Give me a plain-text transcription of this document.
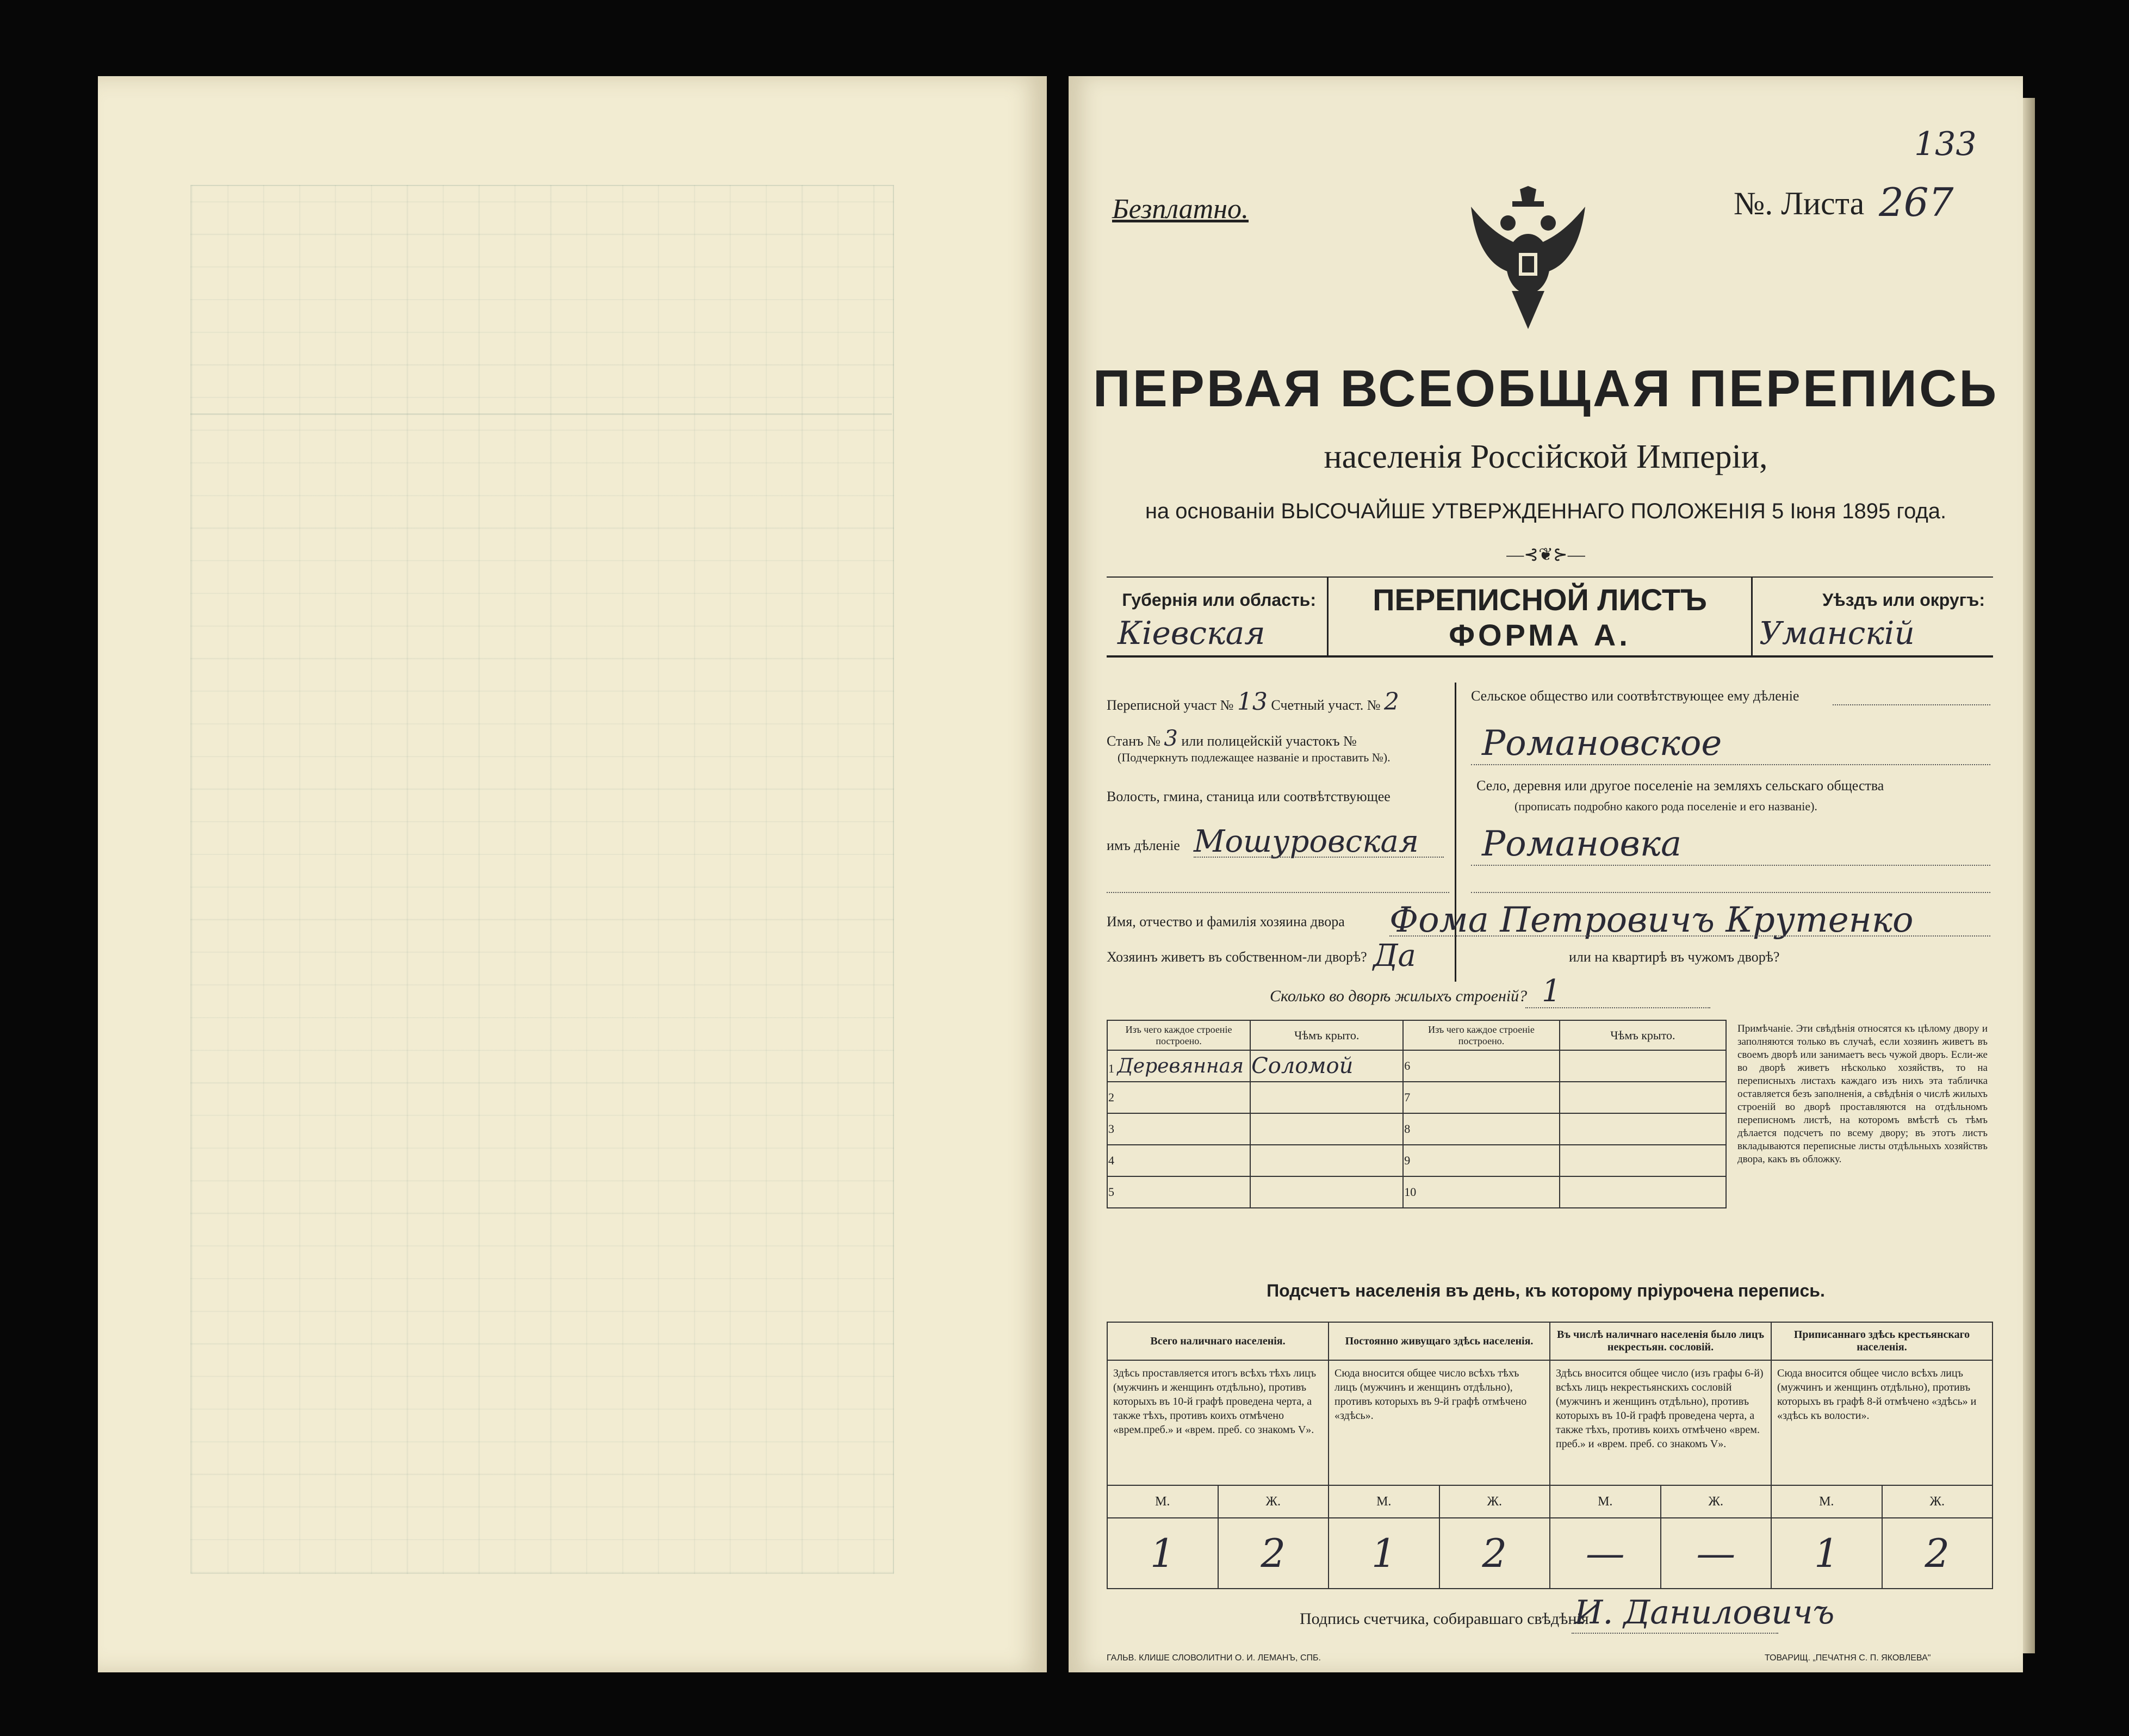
Безплатно.	№. Листа 267
133
ПЕРВАЯ ВСЕОБЩАЯ ПЕРЕПИСЬ
населенія Россійской Имперіи,
на основаніи ВЫСОЧАЙШЕ УТВЕРЖДЕННАГО ПОЛОЖЕНІЯ 5 Іюня 1895 года.
—⊰❦⊱—
Губернія или область:
Кіевская
ПЕРЕПИСНОЙ ЛИСТЪ
ФОРМА А.
Уѣздъ или округъ:
Уманскій
Переписной участ № 13 Счетный участ. № 2
Станъ № 3 или полицейскій участокъ №
(Подчеркнуть подлежащее названіе и проставить №).
Волость, гмина, станица или соотвѣтствующее
имъ дѣленіе Мошуровская
Сельское общество или соотвѣтствующее ему дѣленіе
Романовское
Село, деревня или другое поселеніе на земляхъ сельскаго общества
(прописать подробно какого рода поселеніе и его названіе).
Романовка
Имя, отчество и фамилія хозяина двора Фома Петровичъ Крутенко
Хозяинъ живетъ въ собственном-ли дворѣ? Да	или на квартирѣ въ чужомъ дворѣ?
Сколько во дворѣ жилыхъ строеній? 1
Изъ чего каждое строеніе построено.	Чѣмъ крыто.	Изъ чего каждое строеніе построено.	Чѣмъ крыто.
1 Деревянная	Соломой	6	
2		7	
3		8	
4		9	
5		10	
Примѣчаніе. Эти свѣдѣнія относятся къ цѣлому двору и заполняются только въ случаѣ, если хозяинъ живетъ въ своемъ дворѣ или занимаетъ весь чужой дворъ. Если-же во дворѣ живетъ нѣсколько хозяйствъ, то на переписныхъ листахъ каждаго изъ нихъ эта табличка оставляется безъ заполненія, а свѣдѣнія о числѣ жилыхъ строеній во дворѣ проставляются на отдѣльномъ переписномъ листѣ, на которомъ вмѣстѣ съ тѣмъ дѣлается подсчетъ по всему двору; въ этотъ листъ вкладываются переписные листы отдѣльныхъ хозяйствъ двора, какъ въ обложку.
Подсчетъ населенія въ день, къ которому пріурочена перепись.
Всего наличнаго населенія.		Постоянно живущаго здѣсь населенія.		Въ числѣ наличнаго населенія было лицъ некрестьян. сословій.		Приписаннаго здѣсь крестьянскаго населенія.	
Здѣсь проставляется итогъ всѣхъ тѣхъ лицъ (мужчинъ и женщинъ отдѣльно), противъ которыхъ въ 10-й графѣ проведена черта, а также тѣхъ, противъ коихъ отмѣчено «врем.преб.» и «врем. преб. со знакомъ V».		Сюда вносится общее число всѣхъ тѣхъ лицъ (мужчинъ и женщинъ отдѣльно), противъ которыхъ въ 9-й графѣ отмѣчено «здѣсь».		Здѣсь вносится общее число (изъ графы 6-й) всѣхъ лицъ некрестьянскихъ сословій (мужчинъ и женщинъ отдѣльно), противъ которыхъ въ 10-й графѣ проведена черта, а также тѣхъ, противъ коихъ отмѣчено «врем. преб.» и «врем. преб. со знакомъ V».		Сюда вносится общее число всѣхъ лицъ (мужчинъ и женщинъ отдѣльно), противъ которыхъ въ графѣ 8-й отмѣчено «здѣсь» и «здѣсь къ волости».	
М.	Ж.	М.	Ж.	М.	Ж.	М.	Ж.
1	2	1	2	—	—	1	2
Подпись счетчика, собиравшаго свѣдѣнія
И. Даниловичъ
ГАЛЬВ. КЛИШЕ СЛОВОЛИТНИ О. И. ЛЕМАНЪ, СПБ.	ТОВАРИЩ. „ПЕЧАТНЯ С. П. ЯКОВЛЕВА"
